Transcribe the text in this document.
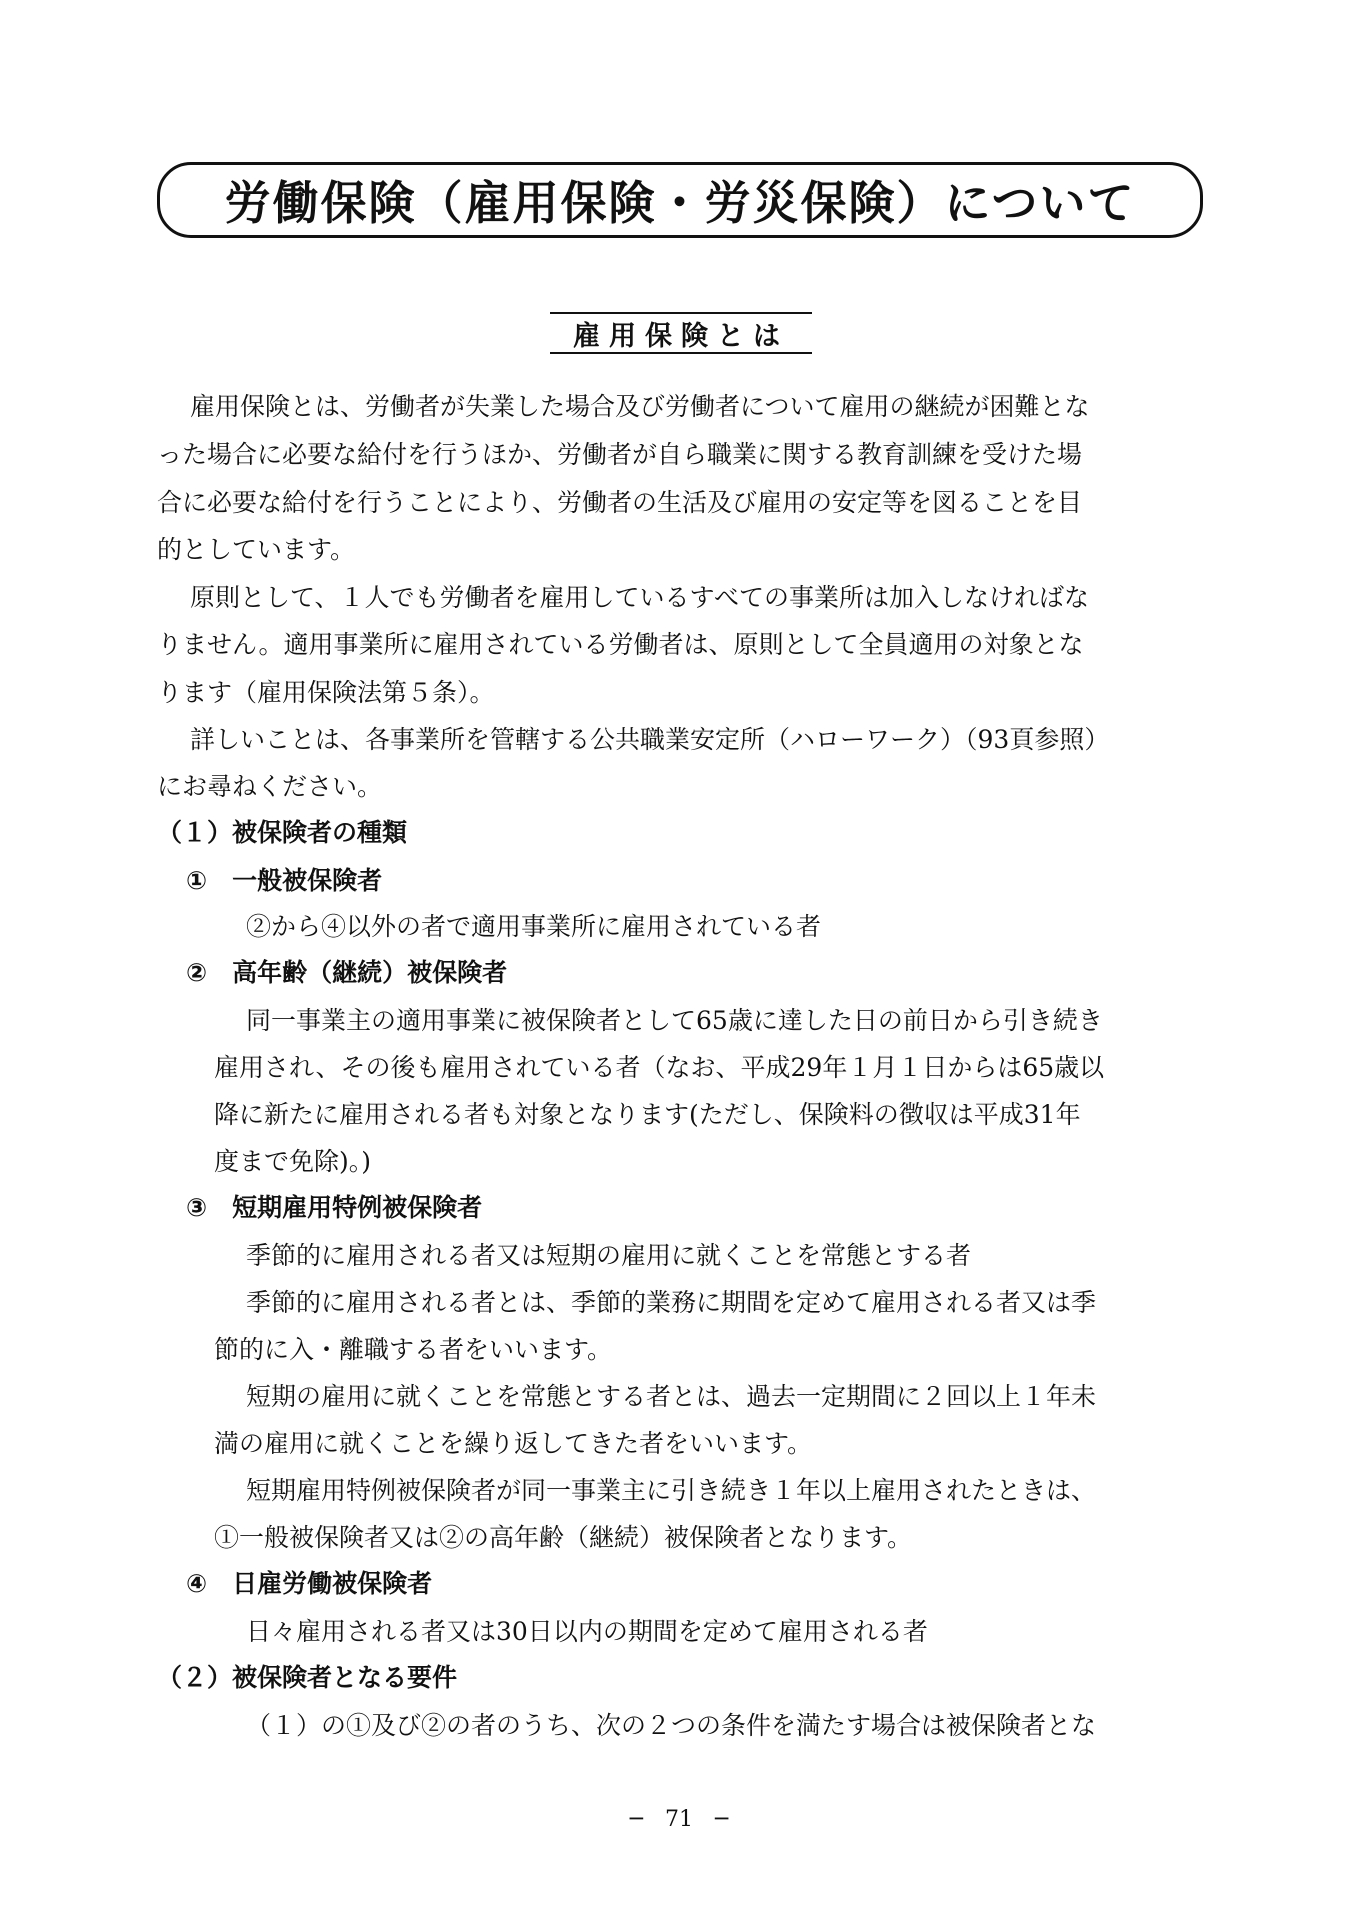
労働保険（雇用保険・労災保険）について
雇用保険とは
雇用保険とは、労働者が失業した場合及び労働者について雇用の継続が困難とな
った場合に必要な給付を行うほか、労働者が自ら職業に関する教育訓練を受けた場
合に必要な給付を行うことにより、労働者の生活及び雇用の安定等を図ることを目
的としています。
原則として、１人でも労働者を雇用しているすべての事業所は加入しなければな
りません。適用事業所に雇用されている労働者は、原則として全員適用の対象とな
ります（雇用保険法第５条）。
詳しいことは、各事業所を管轄する公共職業安定所（ハローワーク）（93頁参照）
にお尋ねください。
（１）被保険者の種類
①　一般被保険者
②から④以外の者で適用事業所に雇用されている者
②　高年齢（継続）被保険者
同一事業主の適用事業に被保険者として65歳に達した日の前日から引き続き
雇用され、その後も雇用されている者（なお、平成29年１月１日からは65歳以
降に新たに雇用される者も対象となります(ただし、保険料の徴収は平成31年
度まで免除)。)
③　短期雇用特例被保険者
季節的に雇用される者又は短期の雇用に就くことを常態とする者
季節的に雇用される者とは、季節的業務に期間を定めて雇用される者又は季
節的に入・離職する者をいいます。
短期の雇用に就くことを常態とする者とは、過去一定期間に２回以上１年未
満の雇用に就くことを繰り返してきた者をいいます。
短期雇用特例被保険者が同一事業主に引き続き１年以上雇用されたときは、
①一般被保険者又は②の高年齢（継続）被保険者となります。
④　日雇労働被保険者
日々雇用される者又は30日以内の期間を定めて雇用される者
（２）被保険者となる要件
（１）の①及び②の者のうち、次の２つの条件を満たす場合は被保険者とな
─　71　─
